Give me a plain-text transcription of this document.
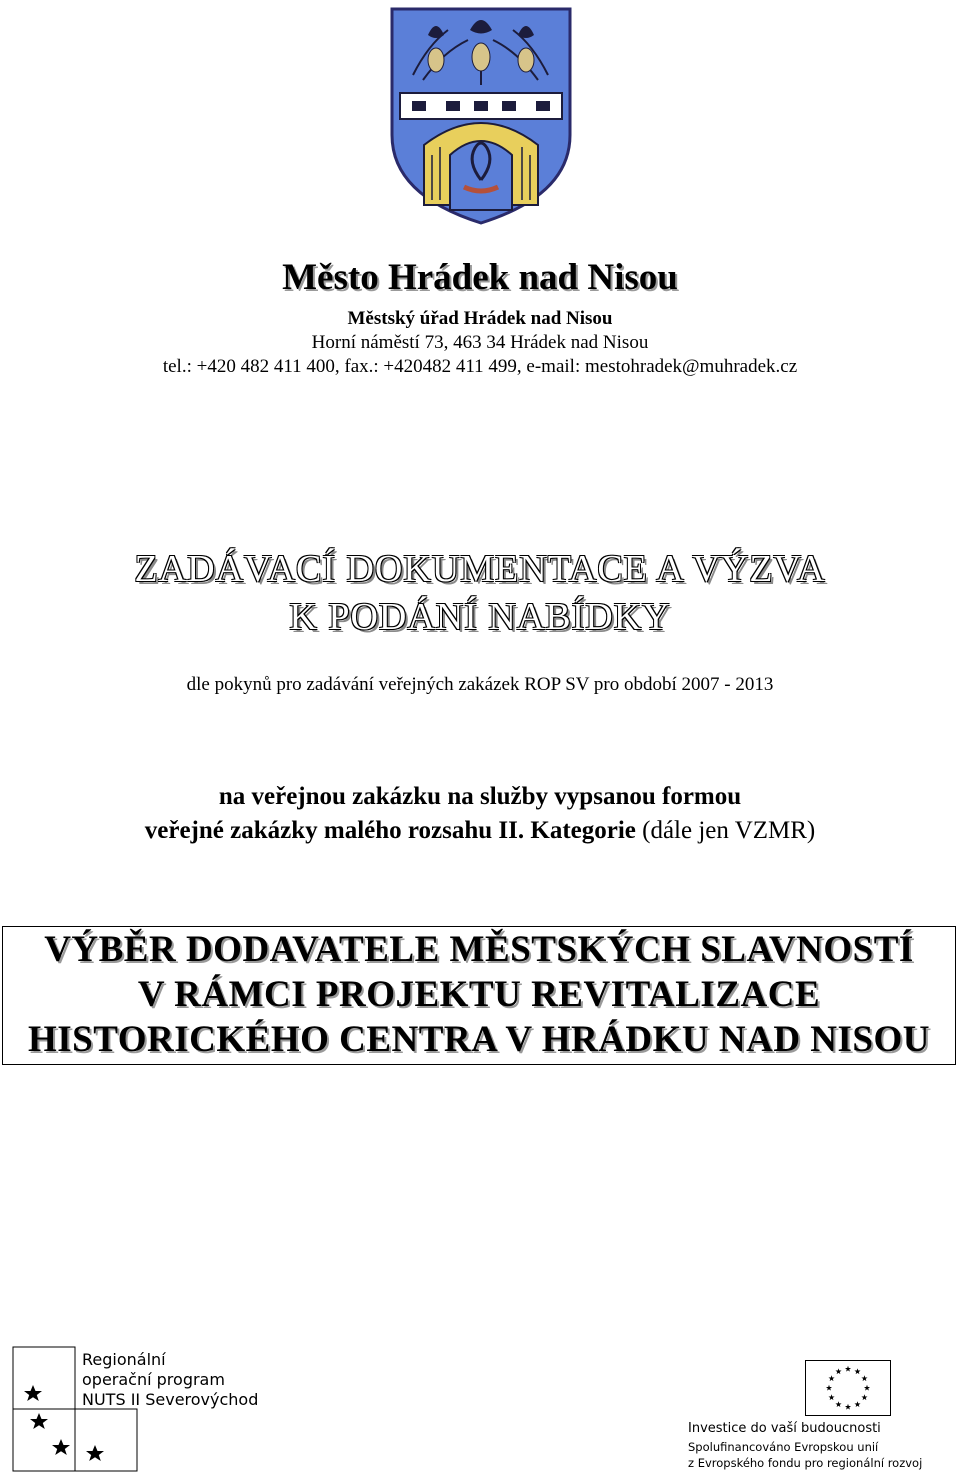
Město Hrádek nad Nisou
Městský úřad Hrádek nad Nisou
Horní náměstí 73, 463 34 Hrádek nad Nisou
tel.: +420 482 411 400, fax.: +420482 411 499, e-mail: mestohradek@muhradek.cz
ZADÁVACÍ DOKUMENTACE A VÝZVA
K PODÁNÍ NABÍDKY
dle pokynů pro zadávání veřejných zakázek ROP SV pro období 2007 - 2013
na veřejnou zakázku na služby vypsanou formou
veřejné zakázky malého rozsahu II. Kategorie (dále jen VZMR)
VÝBĚR DODAVATELE MĚSTSKÝCH SLAVNOSTÍ
V RÁMCI PROJEKTU REVITALIZACE
HISTORICKÉHO CENTRA V HRÁDKU NAD NISOU
Regionální
operační program
NUTS II Severovýchod
Investice do vaší budoucnosti
Spolufinancováno Evropskou unií
z Evropského fondu pro regionální rozvoj
